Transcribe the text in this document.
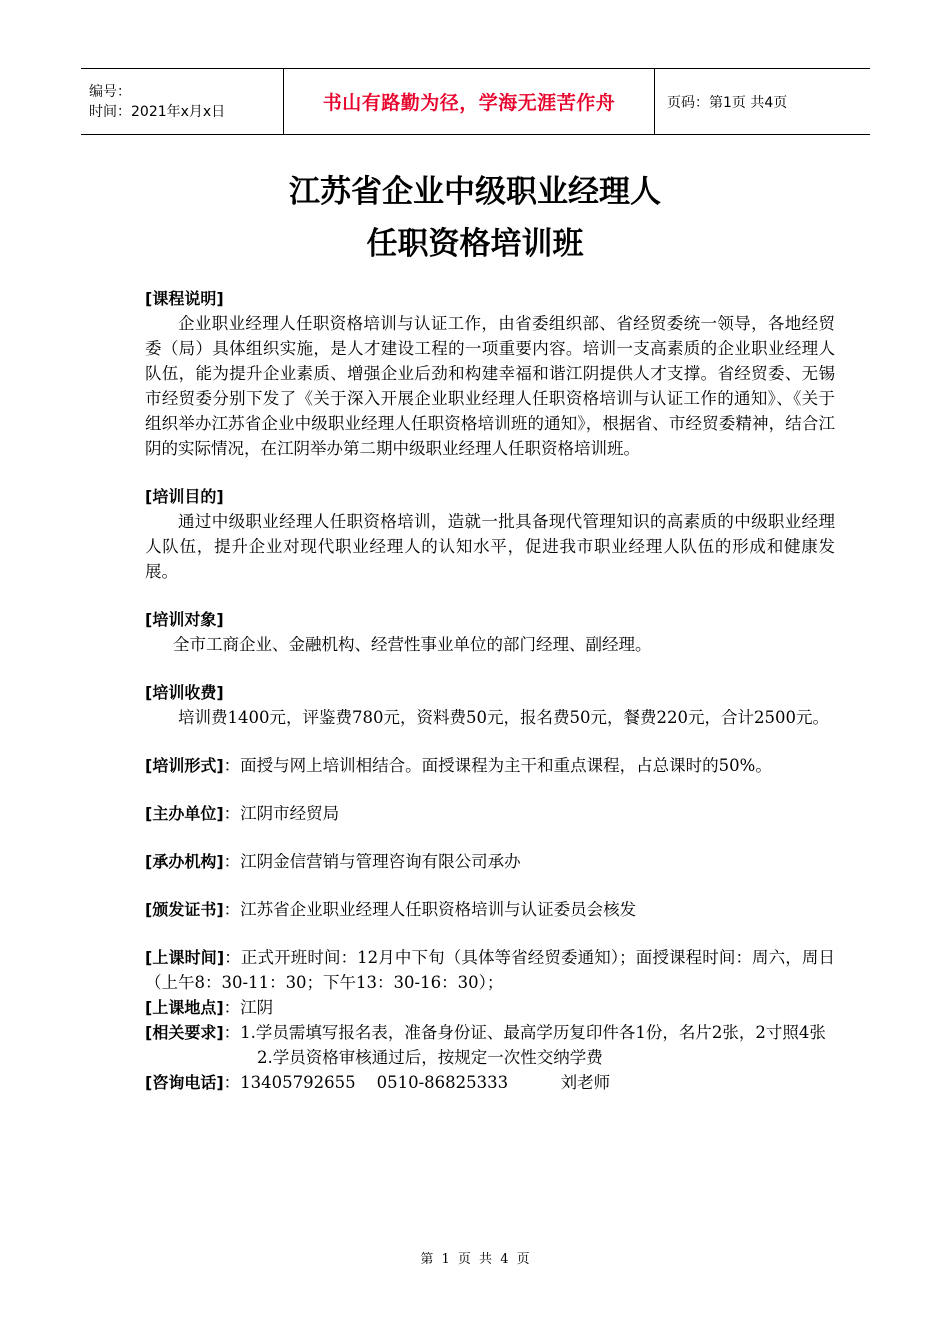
编号：
时间：2021年x月x日	书山有路勤为径，学海无涯苦作舟	页码：第1页 共4页
江苏省企业中级职业经理人
任职资格培训班
[课程说明]

企业职业经理人任职资格培训与认证工作，由省委组织部、省经贸委统一领导，各地经贸委（局）具体组织实施，是人才建设工程的一项重要内容。培训一支高素质的企业职业经理人队伍，能为提升企业素质、增强企业后劲和构建幸福和谐江阴提供人才支撑。省经贸委、无锡市经贸委分别下发了《关于深入开展企业职业经理人任职资格培训与认证工作的通知》、《关于组织举办江苏省企业中级职业经理人任职资格培训班的通知》，根据省、市经贸委精神，结合江阴的实际情况，在江阴举办第二期中级职业经理人任职资格培训班。

[培训目的]

通过中级职业经理人任职资格培训，造就一批具备现代管理知识的高素质的中级职业经理人队伍，提升企业对现代职业经理人的认知水平，促进我市职业经理人队伍的形成和健康发展。

[培训对象]

全市工商企业、金融机构、经营性事业单位的部门经理、副经理。

[培训收费]

培训费1400元，评鉴费780元，资料费50元，报名费50元，餐费220元，合计2500元。

[培训形式]：面授与网上培训相结合。面授课程为主干和重点课程，占总课时的50%。

[主办单位]：江阴市经贸局

[承办机构]：江阴金信营销与管理咨询有限公司承办

[颁发证书]：江苏省企业职业经理人任职资格培训与认证委员会核发

[上课时间]：正式开班时间：12月中下旬（具体等省经贸委通知）；面授课程时间：周六，周日（上午8：30-11：30；下午13：30-16：30）；

[上课地点]：江阴

[相关要求]：1.学员需填写报名表，准备身份证、最高学历复印件各1份，名片2张，2寸照4张

2.学员资格审核通过后，按规定一次性交纳学费

[咨询电话]：13405792655    0510-86825333          刘老师

第 1 页 共 4 页
